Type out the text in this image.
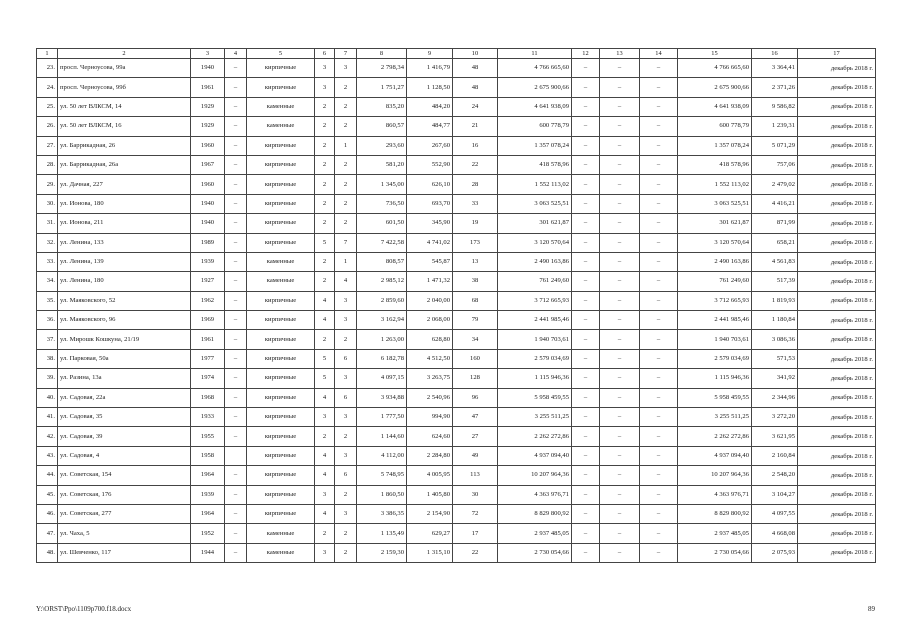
1	2	3	4	5	6	7	8	9	10	11	12	13	14	15	16	17
23.	просп. Черноусова, 99а	1940	–	кирпичные	3	3	2 798,34	1 416,79	48	4 766 665,60	–	–	–	4 766 665,60	3 364,41	декабрь 2018 г.
24.	просп. Черноусова, 99б	1961	–	кирпичные	3	2	1 751,27	1 128,50	48	2 675 900,66	–	–	–	2 675 900,66	2 371,26	декабрь 2018 г.
25.	ул. 50 лет ВЛКСМ, 14	1929	–	каменные	2	2	835,20	484,20	24	4 641 938,09	–	–	–	4 641 938,09	9 586,82	декабрь 2018 г.
26.	ул. 50 лет ВЛКСМ, 16	1929	–	каменные	2	2	860,57	484,77	21	600 778,79	–	–	–	600 778,79	1 239,31	декабрь 2018 г.
27.	ул. Баррикадная, 26	1960	–	кирпичные	2	1	293,60	267,60	16	1 357 078,24	–	–	–	1 357 078,24	5 071,29	декабрь 2018 г.
28.	ул. Баррикадная, 26а	1967	–	кирпичные	2	2	581,20	552,90	22	418 578,96	–	–	–	418 578,96	757,06	декабрь 2018 г.
29.	ул. Дачная, 227	1960	–	кирпичные	2	2	1 345,00	626,10	28	1 552 113,02	–	–	–	1 552 113,02	2 479,02	декабрь 2018 г.
30.	ул. Ионова, 180	1940	–	кирпичные	2	2	736,50	693,70	33	3 063 525,51	–	–	–	3 063 525,51	4 416,21	декабрь 2018 г.
31.	ул. Ионова, 211	1940	–	кирпичные	2	2	601,50	345,90	19	301 621,87	–	–	–	301 621,87	871,99	декабрь 2018 г.
32.	ул. Ленина, 133	1989	–	кирпичные	5	7	7 422,58	4 741,02	173	3 120 570,64	–	–	–	3 120 570,64	658,21	декабрь 2018 г.
33.	ул. Ленина, 139	1939	–	каменные	2	1	808,57	545,87	13	2 490 163,86	–	–	–	2 490 163,86	4 561,83	декабрь 2018 г.
34.	ул. Ленина, 180	1927	–	каменные	2	4	2 985,12	1 471,32	38	761 249,60	–	–	–	761 249,60	517,39	декабрь 2018 г.
35.	ул. Маяковского, 52	1962	–	кирпичные	4	3	2 859,60	2 040,00	68	3 712 665,93	–	–	–	3 712 665,93	1 819,93	декабрь 2018 г.
36.	ул. Маяковского, 96	1969	–	кирпичные	4	3	3 162,94	2 068,00	79	2 441 985,46	–	–	–	2 441 985,46	1 180,84	декабрь 2018 г.
37.	ул. Мирошк Кошкуна, 21/19	1961	–	кирпичные	2	2	1 263,00	628,80	34	1 940 703,61	–	–	–	1 940 703,61	3 086,36	декабрь 2018 г.
38.	ул. Парковая, 50а	1977	–	кирпичные	5	6	6 182,78	4 512,50	160	2 579 034,69	–	–	–	2 579 034,69	571,53	декабрь 2018 г.
39.	ул. Разина, 13а	1974	–	кирпичные	5	3	4 097,15	3 263,75	128	1 115 946,36	–	–	–	1 115 946,36	341,92	декабрь 2018 г.
40.	ул. Садовая, 22а	1968	–	кирпичные	4	6	3 934,88	2 540,96	96	5 958 459,55	–	–	–	5 958 459,55	2 344,96	декабрь 2018 г.
41.	ул. Садовая, 35	1933	–	кирпичные	3	3	1 777,50	994,90	47	3 255 511,25	–	–	–	3 255 511,25	3 272,20	декабрь 2018 г.
42.	ул. Садовая, 39	1955	–	кирпичные	2	2	1 144,60	624,60	27	2 262 272,86	–	–	–	2 262 272,86	3 621,95	декабрь 2018 г.
43.	ул. Садовая, 4	1958		кирпичные	4	3	4 112,00	2 284,80	49	4 937 094,40	–	–	–	4 937 094,40	2 160,84	декабрь 2018 г.
44.	ул. Советская, 154	1964	–	кирпичные	4	6	5 748,95	4 005,95	113	10 207 964,36	–	–	–	10 207 964,36	2 548,20	декабрь 2018 г.
45.	ул. Советская, 176	1939	–	кирпичные	3	2	1 860,50	1 405,80	30	4 363 976,71	–	–	–	4 363 976,71	3 104,27	декабрь 2018 г.
46.	ул. Советская, 277	1964	–	кирпичные	4	3	3 386,35	2 154,90	72	8 829 800,92	–	–	–	8 829 800,92	4 097,55	декабрь 2018 г.
47.	ул. Чаха, 5	1952	–	каменные	2	2	1 135,49	629,27	17	2 937 485,05	–	–	–	2 937 485,05	4 668,08	декабрь 2018 г.
48.	ул. Шевченко, 117	1944	–	каменные	3	2	2 159,30	1 315,10	22	2 730 054,66	–	–	–	2 730 054,66	2 075,93	декабрь 2018 г.
Y:\ORST\Ppo\1109p700.f18.docx	89
